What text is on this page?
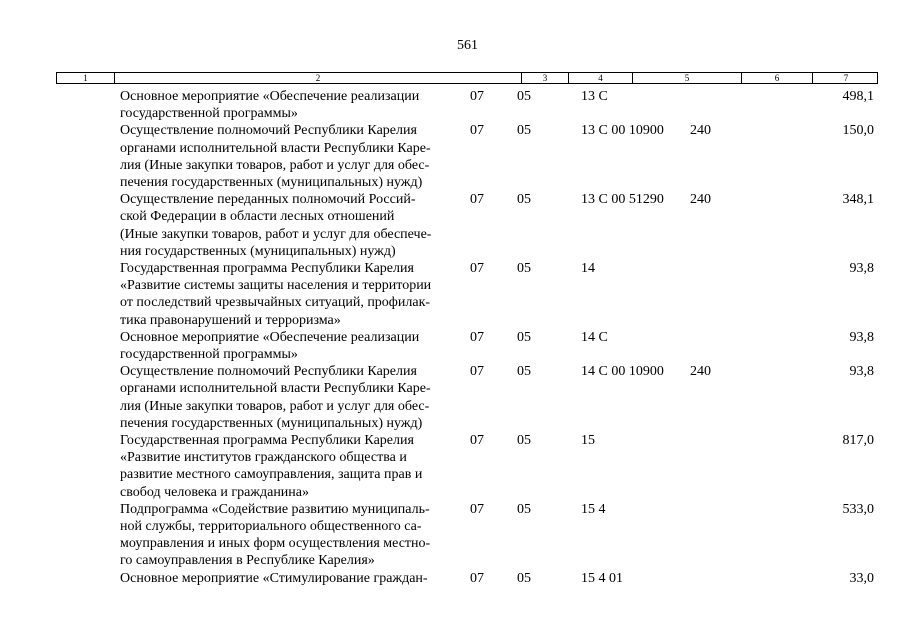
561
1	2	3	4	5	6	7
Основное мероприятие «Обеспечение реализации
государственной программы»
07 05	13 С	498,1
Осуществление полномочий Республики Карелия
органами исполнительной власти Республики Каре-
лия (Иные закупки товаров, работ и услуг для обес-
печения государственных (муниципальных) нужд)
07 05	13 С 00 10900 240	150,0
Осуществление переданных полномочий Россий-
ской Федерации в области лесных отношений
(Иные закупки товаров, работ и услуг для обеспече-
ния государственных (муниципальных) нужд)
07 05	13 С 00 51290 240	348,1
Государственная программа Республики Карелия
«Развитие системы защиты населения и территории
от последствий чрезвычайных ситуаций, профилак-
тика правонарушений и терроризма»
07 05	14	93,8
Основное мероприятие «Обеспечение реализации
государственной программы»
07 05	14 С	93,8
Осуществление полномочий Республики Карелия
органами исполнительной власти Республики Каре-
лия (Иные закупки товаров, работ и услуг для обес-
печения государственных (муниципальных) нужд)
07 05	14 С 00 10900 240	93,8
Государственная программа Республики Карелия
«Развитие институтов гражданского общества и
развитие местного самоуправления, защита прав и
свобод человека и гражданина»
07 05	15	817,0
Подпрограмма «Содействие развитию муниципаль-
ной службы, территориального общественного са-
моуправления и иных форм осуществления местно-
го самоуправления в Республике Карелия»
07 05	15 4	533,0
Основное мероприятие «Стимулирование граждан-	07 05	15 4 01	33,0
